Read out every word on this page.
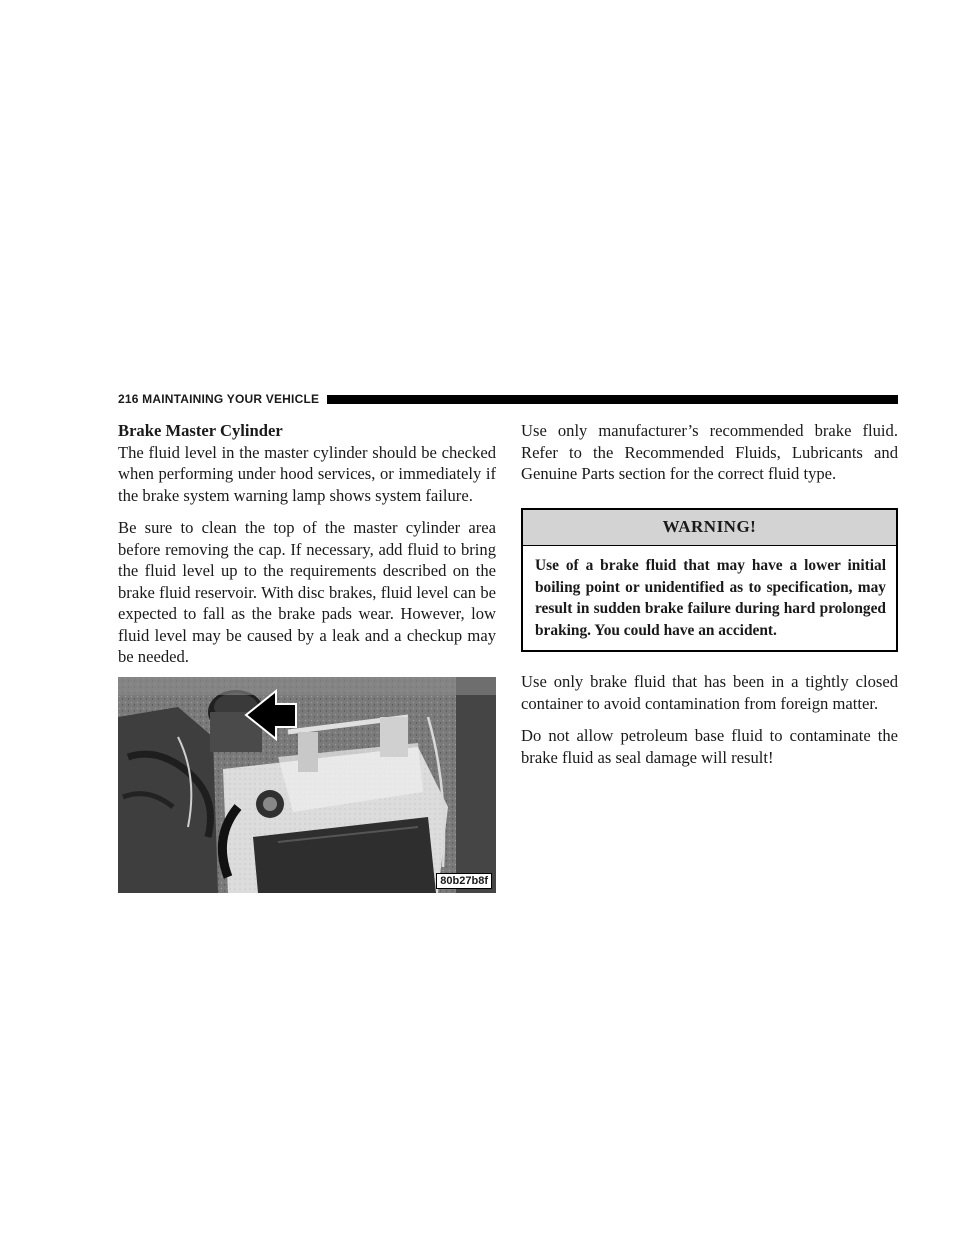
216 MAINTAINING YOUR VEHICLE

Brake Master Cylinder

The fluid level in the master cylinder should be checked when performing under hood services, or immediately if the brake system warning lamp shows system failure.

Be sure to clean the top of the master cylinder area before removing the cap. If necessary, add fluid to bring the fluid level up to the requirements described on the brake fluid reservoir. With disc brakes, fluid level can be expected to fall as the brake pads wear. However, low fluid level may be caused by a leak and a checkup may be needed.

80b27b8f

Use only manufacturer’s recommended brake fluid. Refer to the Recommended Fluids, Lubricants and Genuine Parts section for the correct fluid type.

WARNING!
Use of a brake fluid that may have a lower initial boiling point or unidentified as to specification, may result in sudden brake failure during hard prolonged braking. You could have an accident.

Use only brake fluid that has been in a tightly closed container to avoid contamination from foreign matter.

Do not allow petroleum base fluid to contaminate the brake fluid as seal damage will result!
